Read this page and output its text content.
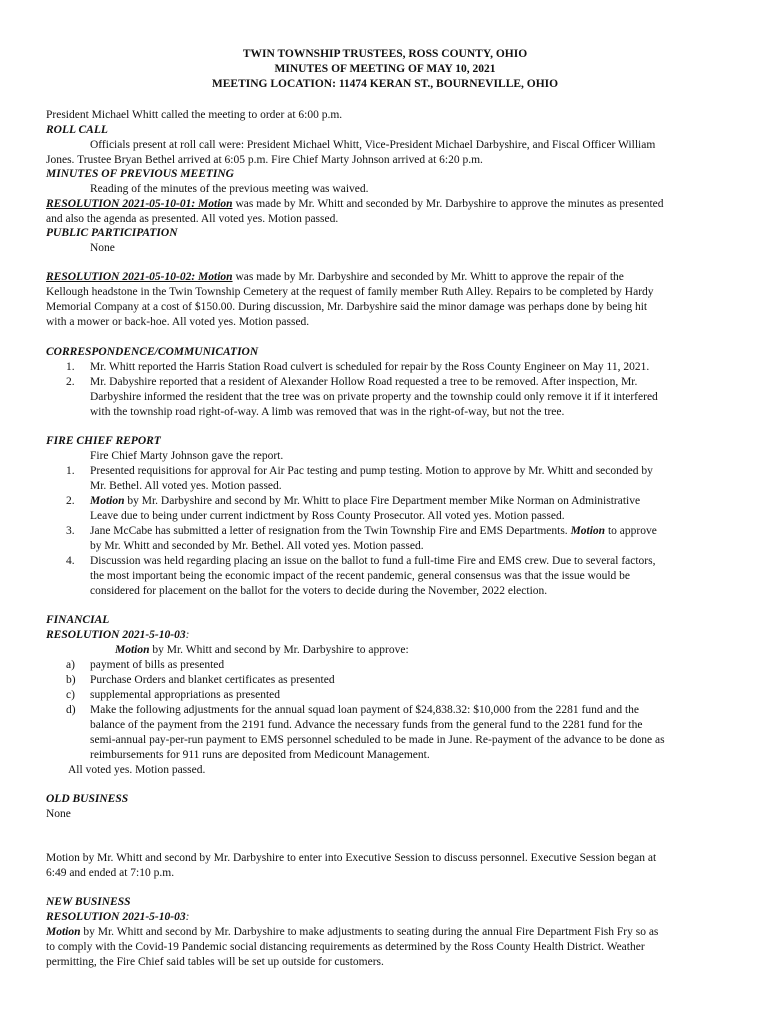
TWIN TOWNSHIP TRUSTEES, ROSS COUNTY, OHIO
MINUTES OF MEETING OF MAY 10, 2021
MEETING LOCATION: 11474 KERAN ST., BOURNEVILLE, OHIO
President Michael Whitt called the meeting to order at 6:00 p.m.
ROLL CALL
Officials present at roll call were: President Michael Whitt, Vice-President Michael Darbyshire, and Fiscal Officer William
Jones. Trustee Bryan Bethel arrived at 6:05 p.m. Fire Chief Marty Johnson arrived at 6:20 p.m.
MINUTES OF PREVIOUS MEETING
Reading of the minutes of the previous meeting was waived.
RESOLUTION 2021-05-10-01: Motion was made by Mr. Whitt and seconded by Mr. Darbyshire to approve the minutes as presented
and also the agenda as presented. All voted yes. Motion passed.
PUBLIC PARTICIPATION
None
RESOLUTION 2021-05-10-02: Motion was made by Mr. Darbyshire and seconded by Mr. Whitt to approve the repair of the
Kellough headstone in the Twin Township Cemetery at the request of family member Ruth Alley. Repairs to be completed by Hardy
Memorial Company at a cost of $150.00. During discussion, Mr. Darbyshire said the minor damage was perhaps done by being hit
with a mower or back-hoe. All voted yes. Motion passed.
CORRESPONDENCE/COMMUNICATION
1. Mr. Whitt reported the Harris Station Road culvert is scheduled for repair by the Ross County Engineer on May 11, 2021.
2. Mr. Dabyshire reported that a resident of Alexander Hollow Road requested a tree to be removed. After inspection, Mr.
Darbyshire informed the resident that the tree was on private property and the township could only remove it if it interfered
with the township road right-of-way. A limb was removed that was in the right-of-way, but not the tree.
FIRE CHIEF REPORT
Fire Chief Marty Johnson gave the report.
1. Presented requisitions for approval for Air Pac testing and pump testing. Motion to approve by Mr. Whitt and seconded by
Mr. Bethel. All voted yes. Motion passed.
2. Motion by Mr. Darbyshire and second by Mr. Whitt to place Fire Department member Mike Norman on Administrative
Leave due to being under current indictment by Ross County Prosecutor. All voted yes. Motion passed.
3. Jane McCabe has submitted a letter of resignation from the Twin Township Fire and EMS Departments. Motion to approve
by Mr. Whitt and seconded by Mr. Bethel. All voted yes. Motion passed.
4. Discussion was held regarding placing an issue on the ballot to fund a full-time Fire and EMS crew. Due to several factors,
the most important being the economic impact of the recent pandemic, general consensus was that the issue would be
considered for placement on the ballot for the voters to decide during the November, 2022 election.
FINANCIAL
RESOLUTION 2021-5-10-03:
Motion by Mr. Whitt and second by Mr. Darbyshire to approve:
a) payment of bills as presented
b) Purchase Orders and blanket certificates as presented
c) supplemental appropriations as presented
d) Make the following adjustments for the annual squad loan payment of $24,838.32: $10,000 from the 2281 fund and the
balance of the payment from the 2191 fund. Advance the necessary funds from the general fund to the 2281 fund for the
semi-annual pay-per-run payment to EMS personnel scheduled to be made in June. Re-payment of the advance to be done as
reimbursements for 911 runs are deposited from Medicount Management.
All voted yes. Motion passed.
OLD BUSINESS
None
Motion by Mr. Whitt and second by Mr. Darbyshire to enter into Executive Session to discuss personnel. Executive Session began at
6:49 and ended at 7:10 p.m.
NEW BUSINESS
RESOLUTION 2021-5-10-03:
Motion by Mr. Whitt and second by Mr. Darbyshire to make adjustments to seating during the annual Fire Department Fish Fry so as
to comply with the Covid-19 Pandemic social distancing requirements as determined by the Ross County Health District. Weather
permitting, the Fire Chief said tables will be set up outside for customers.
